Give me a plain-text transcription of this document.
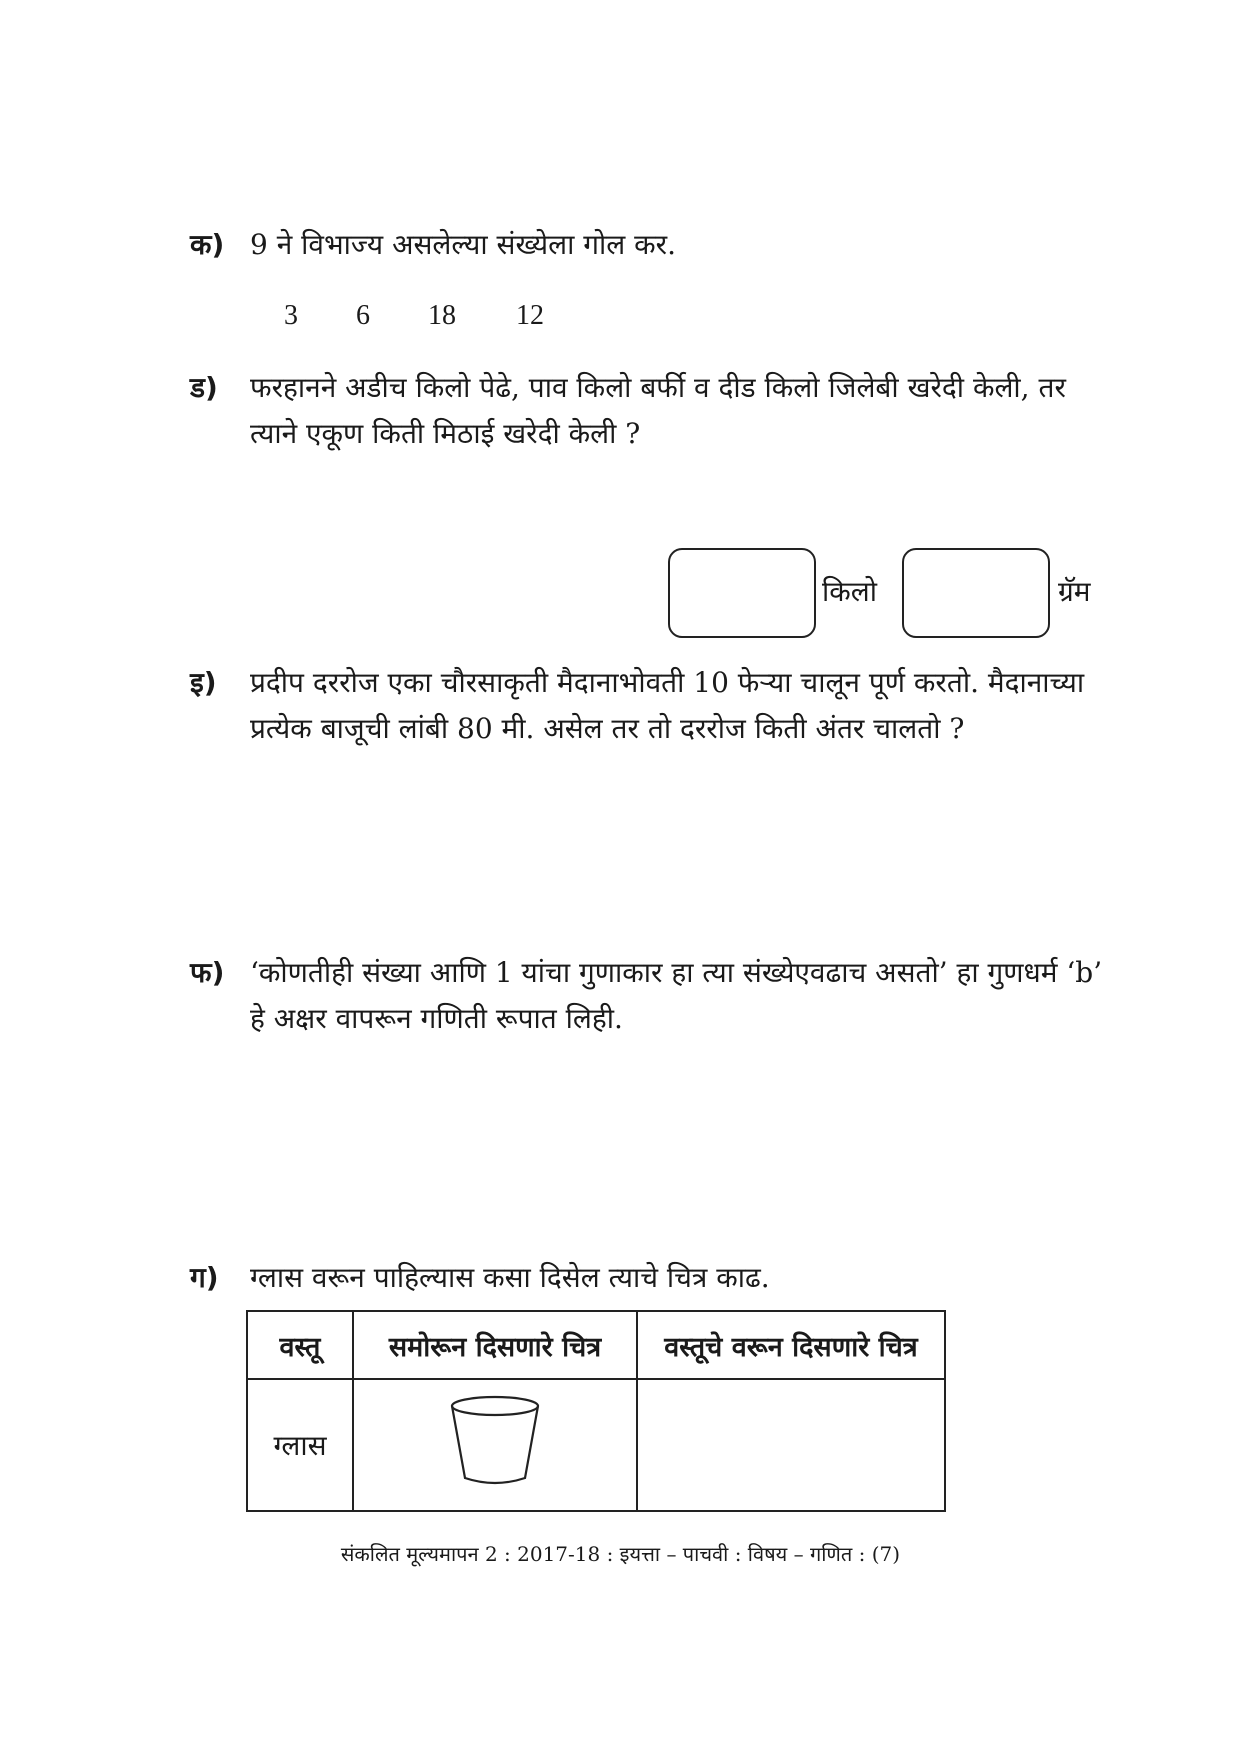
क) 9 ने विभाज्य असलेल्या संख्येला गोल कर.
3 6 18 12
ड) फरहानने अडीच किलो पेढे, पाव किलो बर्फी व दीड किलो जिलेबी खरेदी केली, तर
त्याने एकूण किती मिठाई खरेदी केली ?
किलो	ग्रॅम
इ) प्रदीप दररोज एका चौरसाकृती मैदानाभोवती 10 फेऱ्या चालून पूर्ण करतो. मैदानाच्या
प्रत्येक बाजूची लांबी 80 मी. असेल तर तो दररोज किती अंतर चालतो ?
फ) ‘कोणतीही संख्या आणि 1 यांचा गुणाकार हा त्या संख्येएवढाच असतो’ हा गुणधर्म ‘b’
हे अक्षर वापरून गणिती रूपात लिही.
ग) ग्लास वरून पाहिल्यास कसा दिसेल त्याचे चित्र काढ.
वस्तू	समोरून दिसणारे चित्र	वस्तूचे वरून दिसणारे चित्र
ग्लास		
संकलित मूल्यमापन 2 : 2017-18 : इयत्ता – पाचवी : विषय – गणित : (7)
